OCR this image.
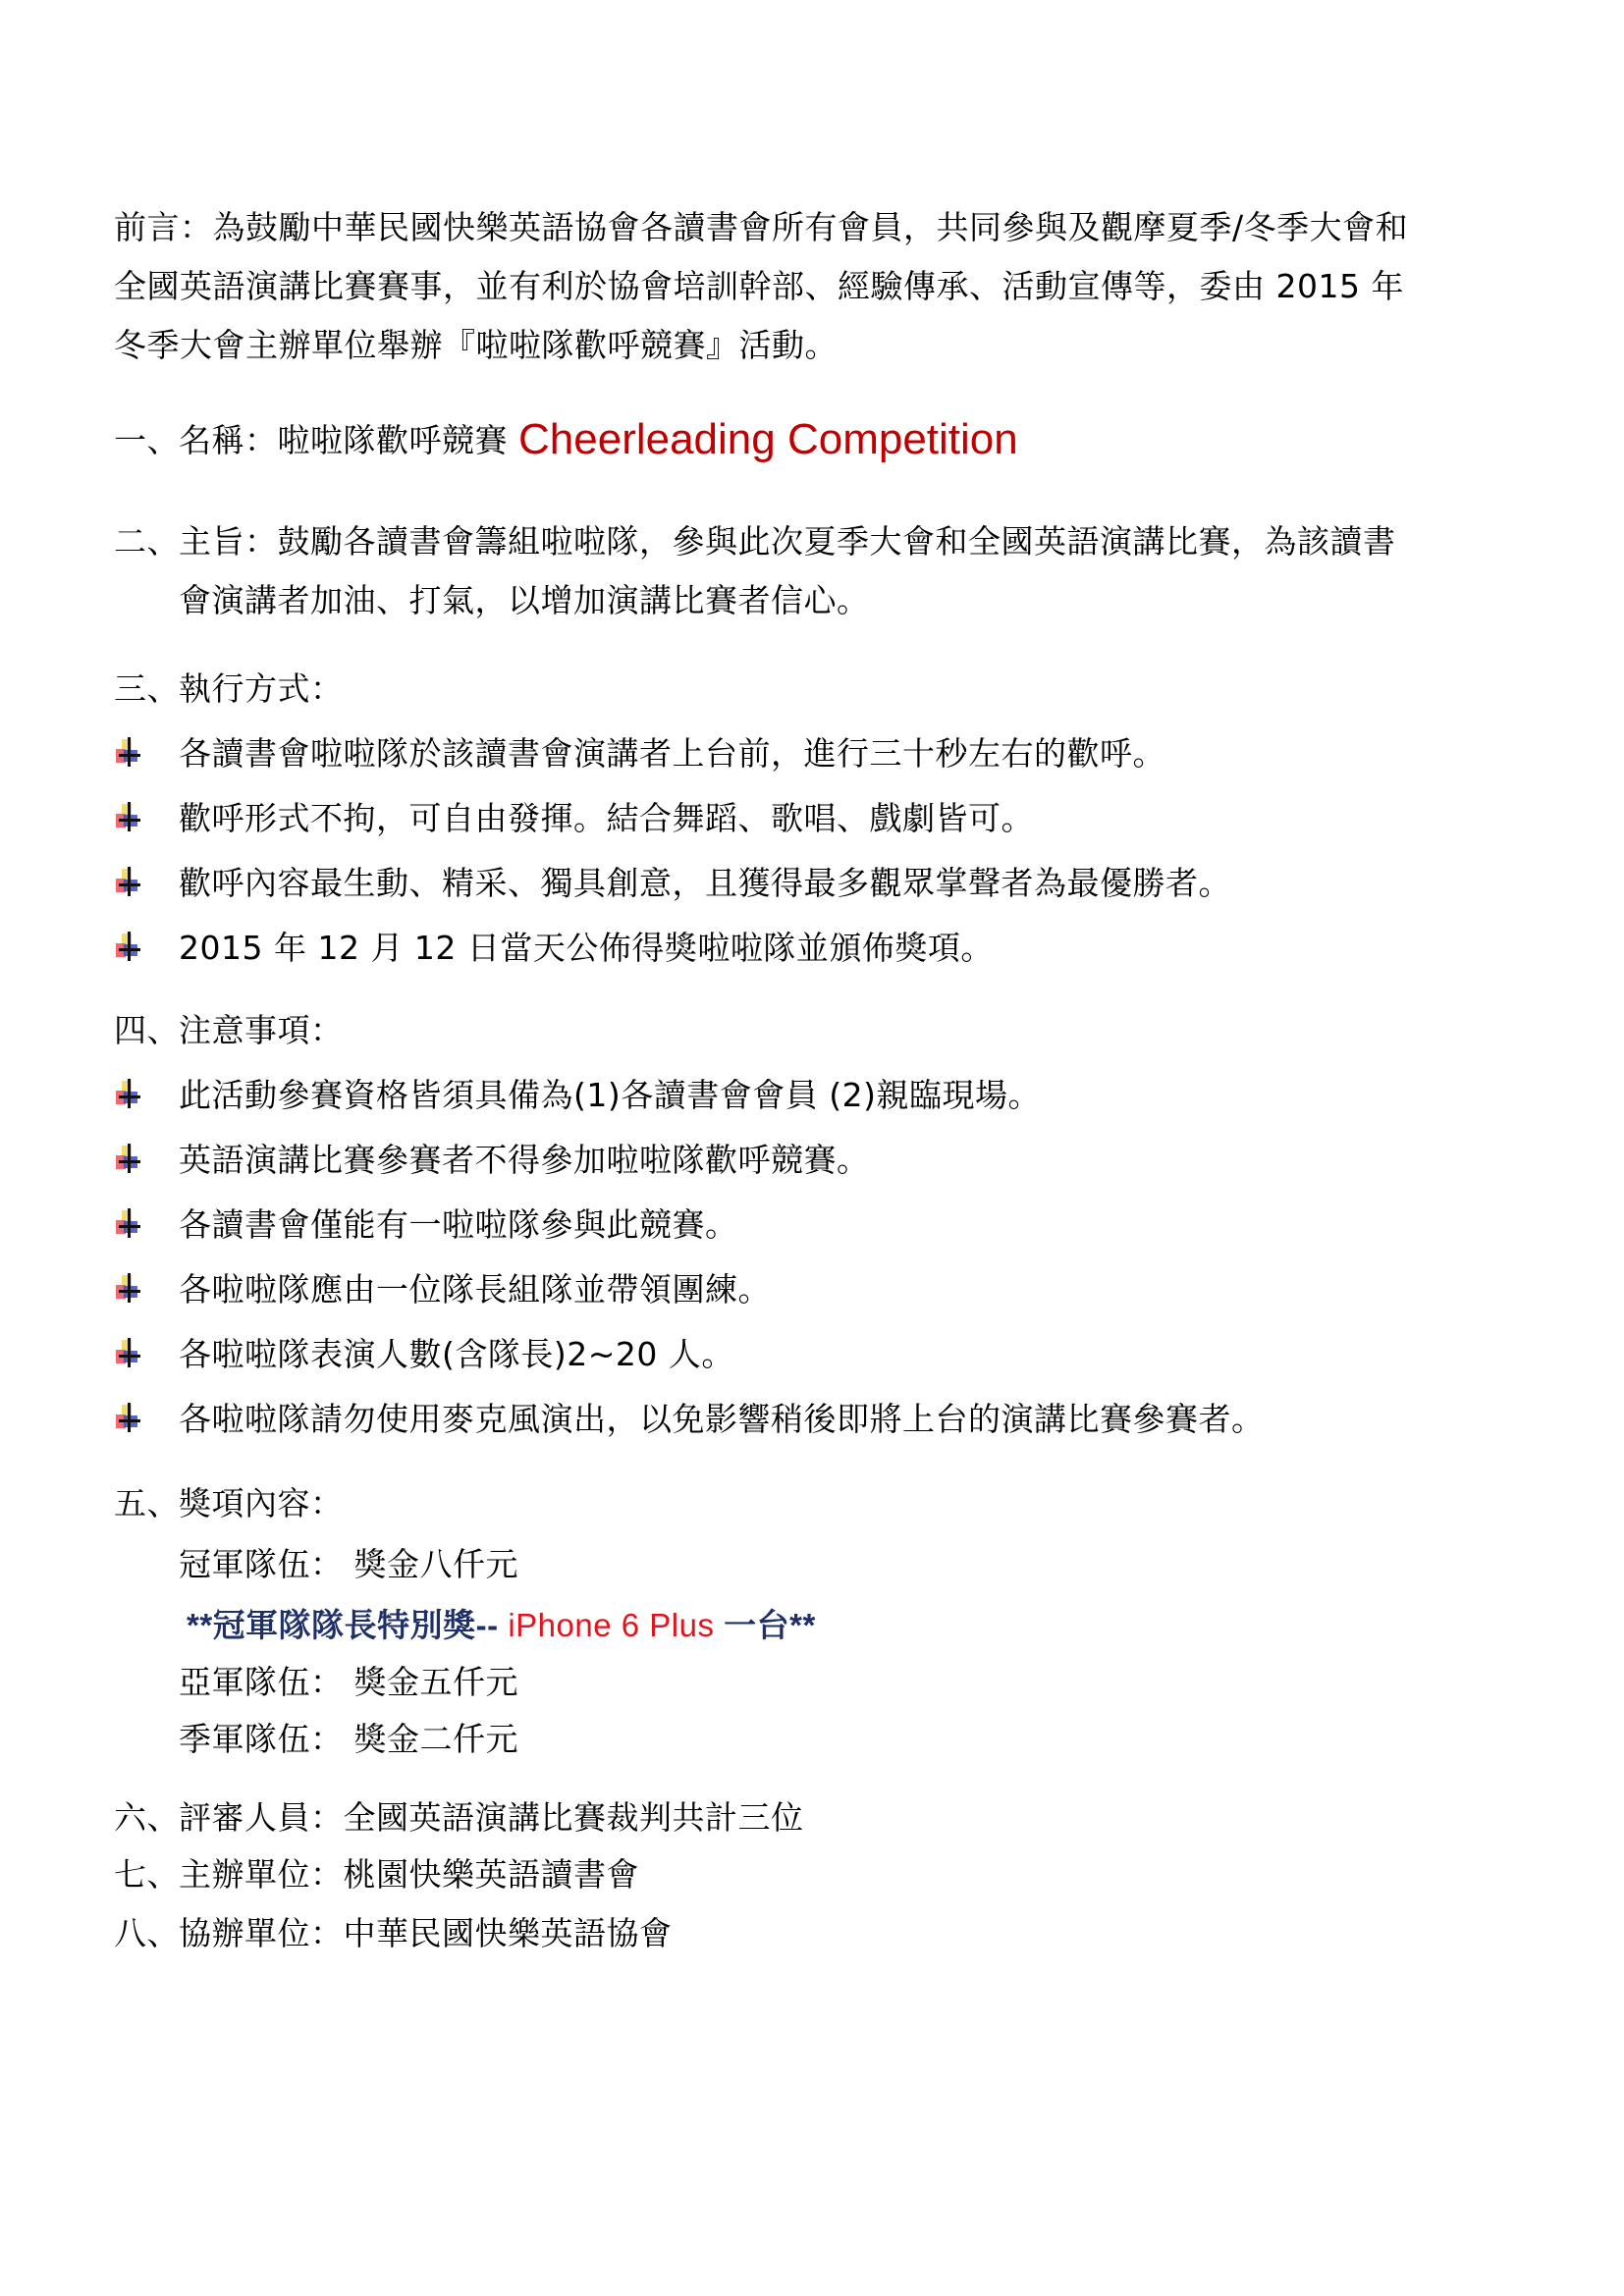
前言：為鼓勵中華民國快樂英語協會各讀書會所有會員，共同參與及觀摩夏季/冬季大會和
全國英語演講比賽賽事，並有利於協會培訓幹部、經驗傳承、活動宣傳等，委由 2015 年
冬季大會主辦單位舉辦『啦啦隊歡呼競賽』活動。
一、名稱：啦啦隊歡呼競賽 Cheerleading Competition
二、主旨：鼓勵各讀書會籌組啦啦隊，參與此次夏季大會和全國英語演講比賽，為該讀書
會演講者加油、打氣，以增加演講比賽者信心。
三、執行方式：
各讀書會啦啦隊於該讀書會演講者上台前，進行三十秒左右的歡呼。
歡呼形式不拘，可自由發揮。結合舞蹈、歌唱、戲劇皆可。
歡呼內容最生動、精采、獨具創意，且獲得最多觀眾掌聲者為最優勝者。
2015 年 12 月 12 日當天公佈得獎啦啦隊並頒佈獎項。
四、注意事項：
此活動參賽資格皆須具備為(1)各讀書會會員 (2)親臨現場。
英語演講比賽參賽者不得參加啦啦隊歡呼競賽。
各讀書會僅能有一啦啦隊參與此競賽。
各啦啦隊應由一位隊長組隊並帶領團練。
各啦啦隊表演人數(含隊長)2~20 人。
各啦啦隊請勿使用麥克風演出，以免影響稍後即將上台的演講比賽參賽者。
五、獎項內容：
冠軍隊伍： 獎金八仟元
**冠軍隊隊長特別獎-- iPhone 6 Plus 一台**
亞軍隊伍： 獎金五仟元
季軍隊伍： 獎金二仟元
六、評審人員：全國英語演講比賽裁判共計三位
七、主辦單位：桃園快樂英語讀書會
八、協辦單位：中華民國快樂英語協會
